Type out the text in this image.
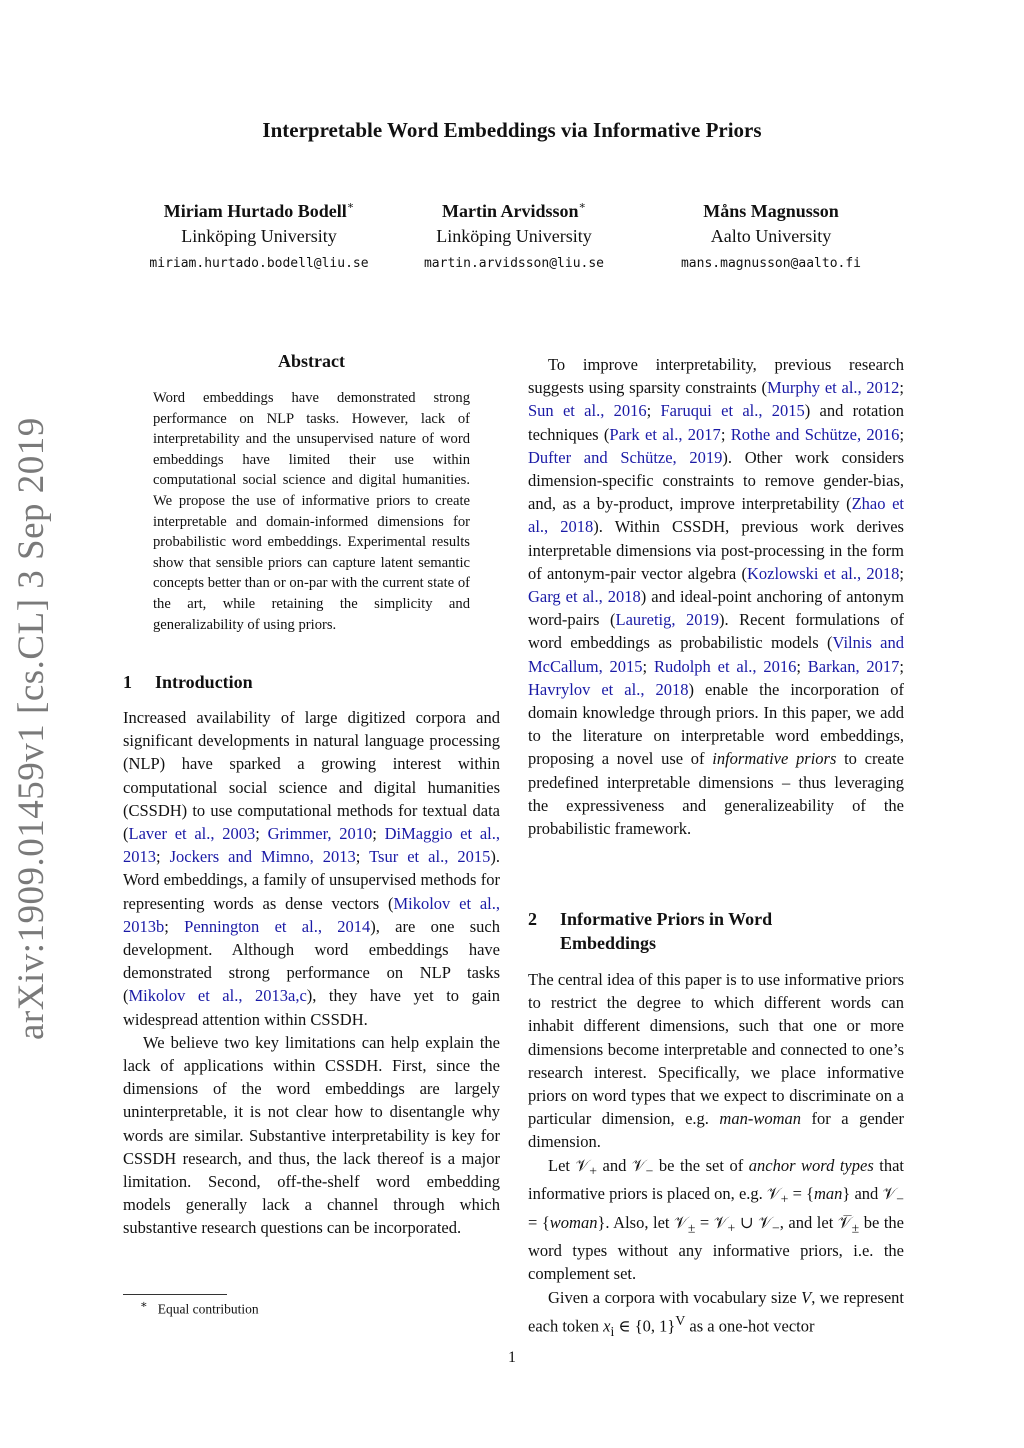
Interpretable Word Embeddings via Informative Priors
Miriam Hurtado Bodell∗
Linköping University
miriam.hurtado.bodell@liu.se
Martin Arvidsson∗
Linköping University
martin.arvidsson@liu.se
Måns Magnusson
Aalto University
mans.magnusson@aalto.fi
arXiv:1909.01459v1 [cs.CL] 3 Sep 2019
Abstract
Word embeddings have demonstrated strong performance on NLP tasks. However, lack of interpretability and the unsupervised nature of word embeddings have limited their use within computational social science and digital humanities. We propose the use of informative priors to create interpretable and domain-informed dimensions for probabilistic word embeddings. Experimental results show that sensible priors can capture latent semantic concepts better than or on-par with the current state of the art, while retaining the simplicity and generalizability of using priors.
1 Introduction

Increased availability of large digitized corpora and significant developments in natural language processing (NLP) have sparked a growing interest within computational social science and digital humanities (CSSDH) to use computational methods for textual data (Laver et al., 2003; Grimmer, 2010; DiMaggio et al., 2013; Jockers and Mimno, 2013; Tsur et al., 2015). Word embeddings, a family of unsupervised methods for representing words as dense vectors (Mikolov et al., 2013b; Pennington et al., 2014), are one such development. Although word embeddings have demonstrated strong performance on NLP tasks (Mikolov et al., 2013a,c), they have yet to gain widespread attention within CSSDH.

We believe two key limitations can help explain the lack of applications within CSSDH. First, since the dimensions of the word embeddings are largely uninterpretable, it is not clear how to disentangle why words are similar. Substantive interpretability is key for CSSDH research, and thus, the lack thereof is a major limitation. Second, off-the-shelf word embedding models generally lack a channel through which substantive research questions can be incorporated.

∗ Equal contribution

To improve interpretability, previous research suggests using sparsity constraints (Murphy et al., 2012; Sun et al., 2016; Faruqui et al., 2015) and rotation techniques (Park et al., 2017; Rothe and Schütze, 2016; Dufter and Schütze, 2019). Other work considers dimension-specific constraints to remove gender-bias, and, as a by-product, improve interpretability (Zhao et al., 2018). Within CSSDH, previous work derives interpretable dimensions via post-processing in the form of antonym-pair vector algebra (Kozlowski et al., 2018; Garg et al., 2018) and ideal-point anchoring of antonym word-pairs (Lauretig, 2019). Recent formulations of word embeddings as probabilistic models (Vilnis and McCallum, 2015; Rudolph et al., 2016; Barkan, 2017; Havrylov et al., 2018) enable the incorporation of domain knowledge through priors. In this paper, we add to the literature on interpretable word embeddings, proposing a novel use of informative priors to create predefined interpretable dimensions – thus leveraging the expressiveness and generalizeability of the probabilistic framework.

2 Informative Priors in Word
Embeddings

The central idea of this paper is to use informative priors to restrict the degree to which different words can inhabit different dimensions, such that one or more dimensions become interpretable and connected to one’s research interest. Specifically, we place informative priors on word types that we expect to discriminate on a particular dimension, e.g. man-woman for a gender dimension.

Let 𝒱$_+$ and 𝒱$_-$ be the set of anchor word types that informative priors is placed on, e.g. 𝒱$_+$ = {man} and 𝒱$_-$ = {woman}. Also, let 𝒱$_\pm$ = 𝒱$_+$ ∪ 𝒱$_-$, and let $𝒱̅_\pm$ be the word types without any informative priors, i.e. the complement set.

Given a corpora with vocabulary size V, we represent each token $x_i$ ∈ {0, 1}$^V$ as a one-hot vector

1
